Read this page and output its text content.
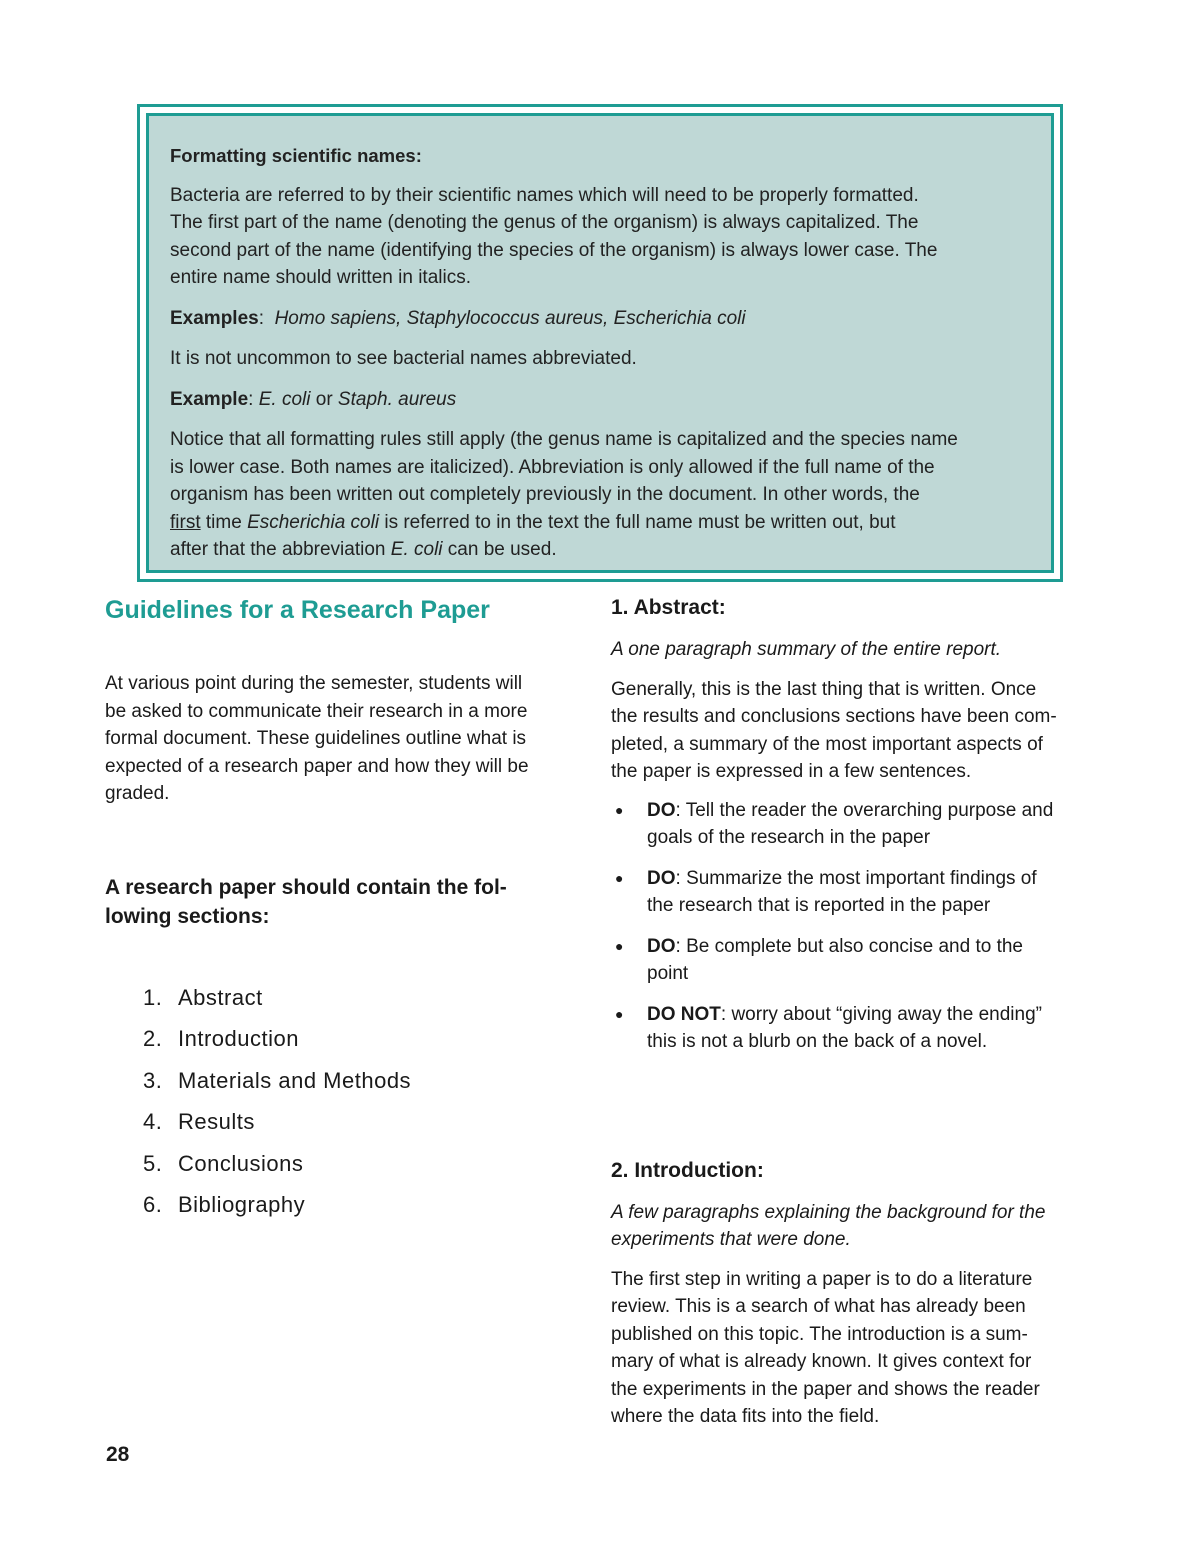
Formatting scientific names:

Bacteria are referred to by their scientific names which will need to be properly formatted.
The first part of the name (denoting the genus of the organism) is always capitalized. The
second part of the name (identifying the species of the organism) is always lower case. The
entire name should written in italics.

Examples:  Homo sapiens, Staphylococcus aureus, Escherichia coli

It is not uncommon to see bacterial names abbreviated.

Example: E. coli or Staph. aureus

Notice that all formatting rules still apply (the genus name is capitalized and the species name
is lower case. Both names are italicized). Abbreviation is only allowed if the full name of the
organism has been written out completely previously in the document. In other words, the
first time Escherichia coli is referred to in the text the full name must be written out, but
after that the abbreviation E. coli can be used.

Guidelines for a Research Paper

At various point during the semester, students will
be asked to communicate their research in a more
formal document. These guidelines outline what is
expected of a research paper and how they will be
graded.

A research paper should contain the fol-
lowing sections:

1. Abstract
2. Introduction
3. Materials and Methods
4. Results
5. Conclusions
6. Bibliography
1. Abstract:

A one paragraph summary of the entire report.

Generally, this is the last thing that is written. Once
the results and conclusions sections have been com-
pleted, a summary of the most important aspects of
the paper is expressed in a few sentences.

● DO: Tell the reader the overarching purpose and
goals of the research in the paper
● DO: Summarize the most important findings of
the research that is reported in the paper
● DO: Be complete but also concise and to the
point
● DO NOT: worry about “giving away the ending”
this is not a blurb on the back of a novel.
2. Introduction:

A few paragraphs explaining the background for the
experiments that were done.

The first step in writing a paper is to do a literature
review. This is a search of what has already been
published on this topic. The introduction is a sum-
mary of what is already known. It gives context for
the experiments in the paper and shows the reader
where the data fits into the field.

28
